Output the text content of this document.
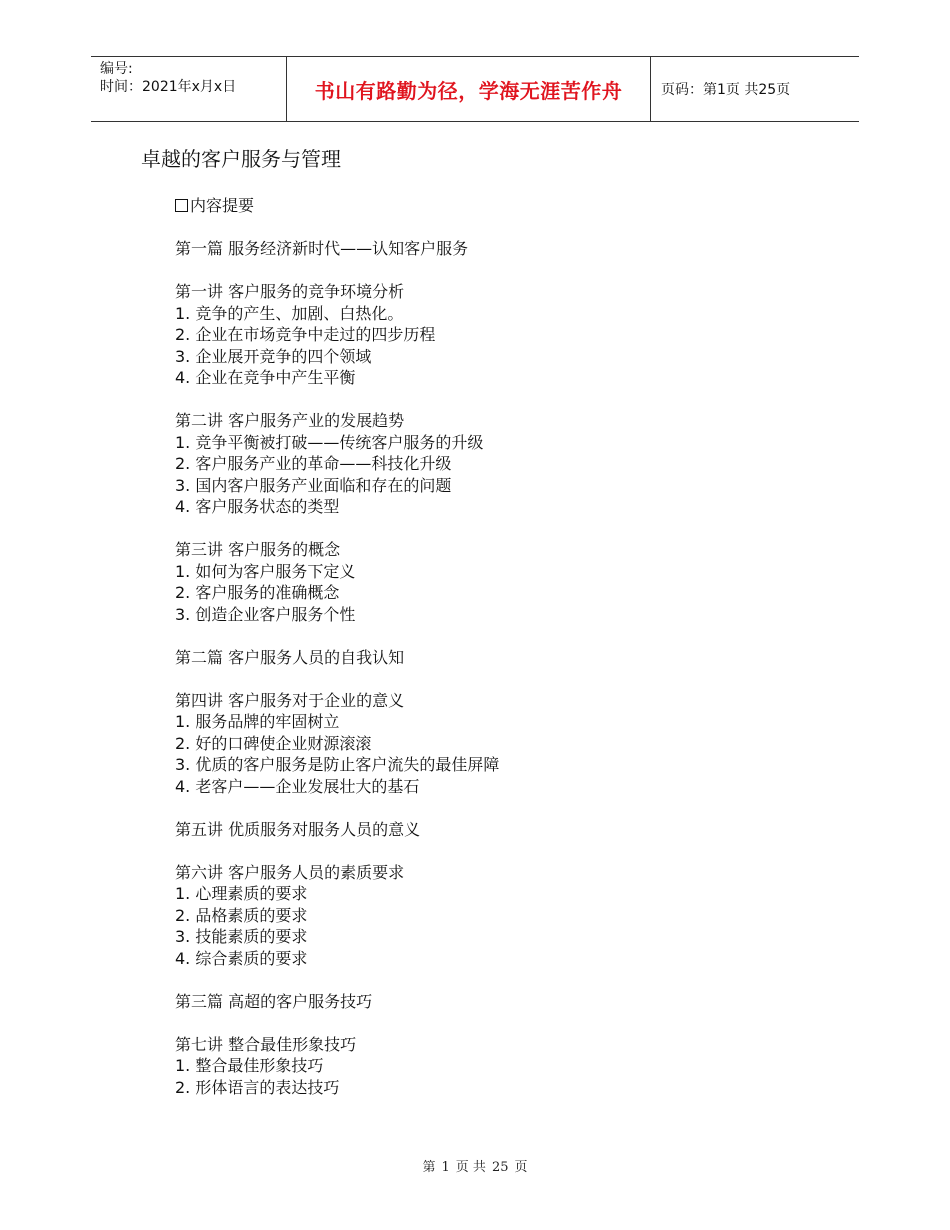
编号:
时间：2021年x月x日	书山有路勤为径，学海无涯苦作舟	页码：第1页 共25页
卓越的客户服务与管理
内容提要
第一篇 服务经济新时代——认知客户服务
第一讲 客户服务的竞争环境分析
1. 竞争的产生、加剧、白热化。
2. 企业在市场竞争中走过的四步历程
3. 企业展开竞争的四个领域
4. 企业在竞争中产生平衡
第二讲 客户服务产业的发展趋势
1. 竞争平衡被打破——传统客户服务的升级
2. 客户服务产业的革命——科技化升级
3. 国内客户服务产业面临和存在的问题
4. 客户服务状态的类型
第三讲 客户服务的概念
1. 如何为客户服务下定义
2. 客户服务的准确概念
3. 创造企业客户服务个性
第二篇 客户服务人员的自我认知
第四讲 客户服务对于企业的意义
1. 服务品牌的牢固树立
2. 好的口碑使企业财源滚滚
3. 优质的客户服务是防止客户流失的最佳屏障
4. 老客户——企业发展壮大的基石
第五讲 优质服务对服务人员的意义
第六讲 客户服务人员的素质要求
1. 心理素质的要求
2. 品格素质的要求
3. 技能素质的要求
4. 综合素质的要求
第三篇 高超的客户服务技巧
第七讲 整合最佳形象技巧
1. 整合最佳形象技巧
2. 形体语言的表达技巧
第 1 页 共 25 页
